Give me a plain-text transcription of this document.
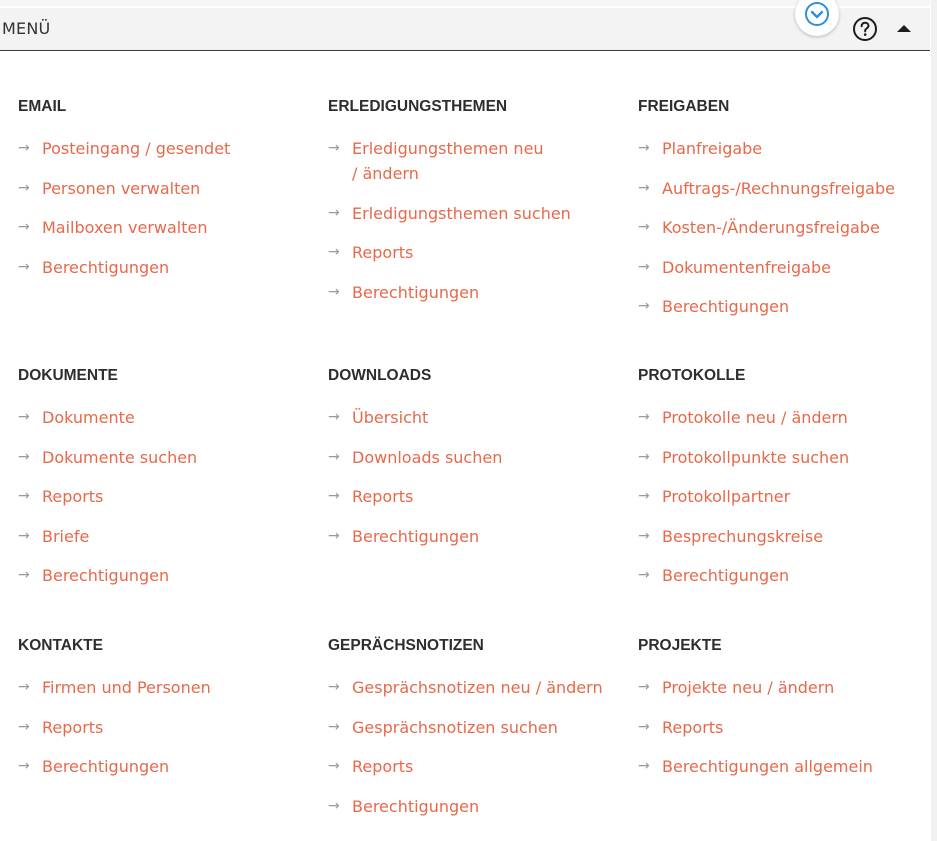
MENÜ
EMAIL
→ Posteingang / gesendet
→ Personen verwalten
→ Mailboxen verwalten
→ Berechtigungen
ERLEDIGUNGSTHEMEN
→ Erledigungsthemen neu / ändern
→ Erledigungsthemen suchen
→ Reports
→ Berechtigungen
FREIGABEN
→ Planfreigabe
→ Auftrags-/Rechnungsfreigabe
→ Kosten-/Änderungsfreigabe
→ Dokumentenfreigabe
→ Berechtigungen
DOKUMENTE
→ Dokumente
→ Dokumente suchen
→ Reports
→ Briefe
→ Berechtigungen
DOWNLOADS
→ Übersicht
→ Downloads suchen
→ Reports
→ Berechtigungen
PROTOKOLLE
→ Protokolle neu / ändern
→ Protokollpunkte suchen
→ Protokollpartner
→ Besprechungskreise
→ Berechtigungen
KONTAKTE
→ Firmen und Personen
→ Reports
→ Berechtigungen
GEPRÄCHSNOTIZEN
→ Gesprächsnotizen neu / ändern
→ Gesprächsnotizen suchen
→ Reports
→ Berechtigungen
PROJEKTE
→ Projekte neu / ändern
→ Reports
→ Berechtigungen allgemein
